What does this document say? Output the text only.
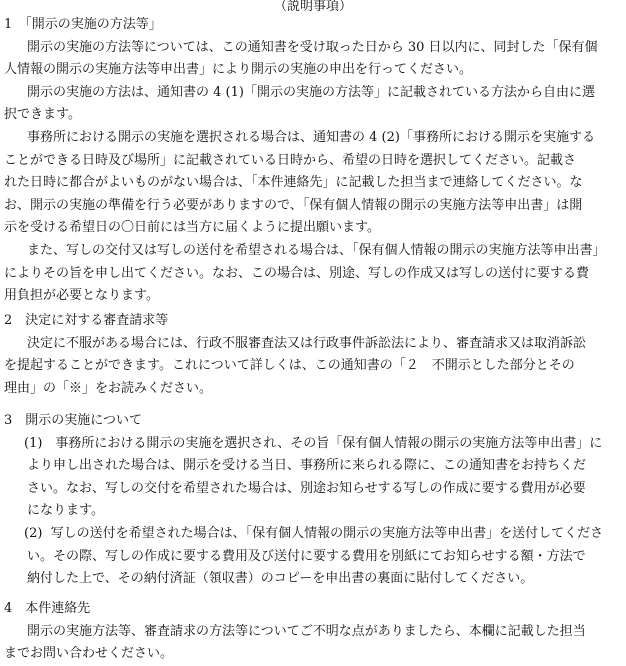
（説明事項）
1　「開示の実施の方法等」
開示の実施の方法等については、この通知書を受け取った日から 30 日以内に、同封した「保有個
人情報の開示の実施方法等申出書」により開示の実施の申出を行ってください。
開示の実施の方法は、通知書の 4 (1)「開示の実施の方法等」に記載されている方法から自由に選
択できます。
事務所における開示の実施を選択される場合は、通知書の 4 (2)「事務所における開示を実施する
ことができる日時及び場所」に記載されている日時から、希望の日時を選択してください。記載さ
れた日時に都合がよいものがない場合は、「本件連絡先」に記載した担当まで連絡してください。な
お、開示の実施の準備を行う必要がありますので、「保有個人情報の開示の実施方法等申出書」は開
示を受ける希望日の〇日前には当方に届くように提出願います。
また、写しの交付又は写しの送付を希望される場合は、「保有個人情報の開示の実施方法等申出書」
によりその旨を申し出てください。なお、この場合は、別途、写しの作成又は写しの送付に要する費
用負担が必要となります。
2　決定に対する審査請求等
決定に不服がある場合には、行政不服審査法又は行政事件訴訟法により、審査請求又は取消訴訟
を提起することができます。これについて詳しくは、この通知書の「２　不開示とした部分とその
理由」の「※」をお読みください。
3　開示の実施について
(1)　事務所における開示の実施を選択され、その旨「保有個人情報の開示の実施方法等申出書」に
より申し出された場合は、開示を受ける当日、事務所に来られる際に、この通知書をお持ちくだ
さい。なお、写しの交付を希望された場合は、別途お知らせする写しの作成に要する費用が必要
になります。
(2)  写しの送付を希望された場合は、「保有個人情報の開示の実施方法等申出書」を送付してくださ
い。その際、写しの作成に要する費用及び送付に要する費用を別紙にてお知らせする額・方法で
納付した上で、その納付済証（領収書）のコピーを申出書の裏面に貼付してください。
4　本件連絡先
開示の実施方法等、審査請求の方法等についてご不明な点がありましたら、本欄に記載した担当
までお問い合わせください。
